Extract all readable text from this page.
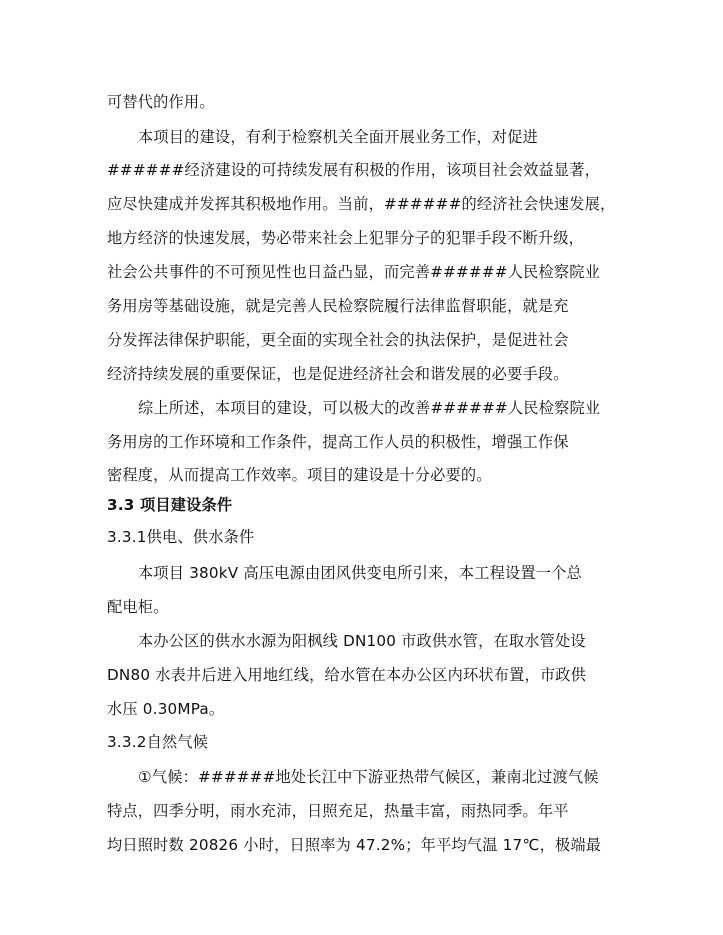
可替代的作用。
本项目的建设，有利于检察机关全面开展业务工作，对促进
######经济建设的可持续发展有积极的作用，该项目社会效益显著，
应尽快建成并发挥其积极地作用。当前，######的经济社会快速发展，
地方经济的快速发展，势必带来社会上犯罪分子的犯罪手段不断升级，
社会公共事件的不可预见性也日益凸显，而完善######人民检察院业
务用房等基础设施，就是完善人民检察院履行法律监督职能，就是充
分发挥法律保护职能，更全面的实现全社会的执法保护，是促进社会
经济持续发展的重要保证，也是促进经济社会和谐发展的必要手段。
综上所述，本项目的建设，可以极大的改善######人民检察院业
务用房的工作环境和工作条件，提高工作人员的积极性，增强工作保
密程度，从而提高工作效率。项目的建设是十分必要的。
3.3 项目建设条件
3.3.1供电、供水条件
本项目 380kV 高压电源由团风供变电所引来，本工程设置一个总
配电柜。
本办公区的供水水源为阳枫线 DN100 市政供水管，在取水管处设
DN80 水表井后进入用地红线，给水管在本办公区内环状布置，市政供
水压 0.30MPa。
3.3.2自然气候
①气候：######地处长江中下游亚热带气候区，兼南北过渡气候
特点，四季分明，雨水充沛，日照充足，热量丰富，雨热同季。年平
均日照时数 20826 小时，日照率为 47.2%；年平均气温 17℃，极端最
